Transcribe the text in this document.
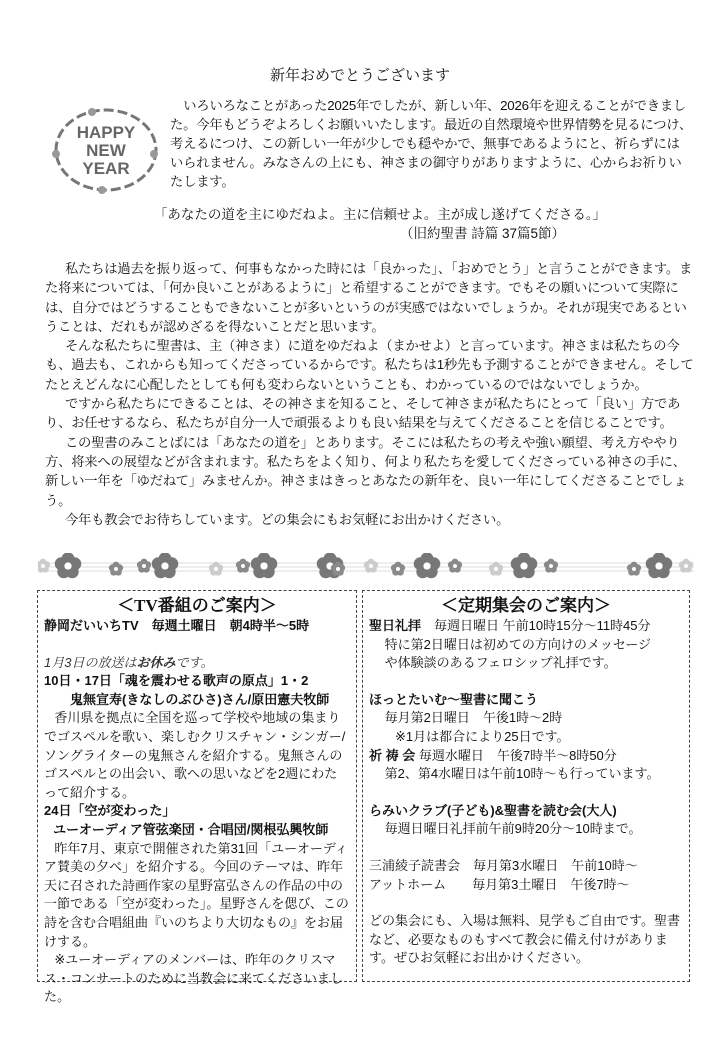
新年おめでとうございます
HAPPY
NEW
YEAR
いろいろなことがあった2025年でしたが、新しい年、2026年を迎えることができました。今年もどうぞよろしくお願いいたします。最近の自然環境や世界情勢を見るにつけ、考えるにつけ、この新しい一年が少しでも穏やかで、無事であるようにと、祈らずにはいられません。みなさんの上にも、神さまの御守りがありますように、心からお祈りいたします。
「あなたの道を主にゆだねよ。主に信頼せよ。主が成し遂げてくださる。」
（旧約聖書 詩篇 37篇5節）

私たちは過去を振り返って、何事もなかった時には「良かった」、「おめでとう」と言うことができます。また将来については、「何か良いことがあるように」と希望することができます。でもその願いについて実際には、自分ではどうすることもできないことが多いというのが実感ではないでしょうか。それが現実であるということは、だれもが認めざるを得ないことだと思います。

そんな私たちに聖書は、主（神さま）に道をゆだねよ（まかせよ）と言っています。神さまは私たちの今も、過去も、これからも知ってくださっているからです。私たちは1秒先も予測することができません。そしてたとえどんなに心配したとしても何も変わらないということも、わかっているのではないでしょうか。

ですから私たちにできることは、その神さまを知ること、そして神さまが私たちにとって「良い」方であり、お任せするなら、私たちが自分一人で頑張るよりも良い結果を与えてくださることを信じることです。

この聖書のみことばには「あなたの道を」とあります。そこには私たちの考えや強い願望、考え方ややり方、将来への展望などが含まれます。私たちをよく知り、何より私たちを愛してくださっている神さの手に、新しい一年を「ゆだねて」みませんか。神さまはきっとあなたの新年を、良い一年にしてくださることでしょう。

今年も教会でお待ちしています。どの集会にもお気軽にお出かけください。

＜TV番組のご案内＞
静岡だいいちTV　毎週土曜日　朝4時半～5時
1月3日の放送はお休みです。
10日・17日「魂を震わせる歌声の原点」1・2
鬼無宣寿(きなしのぶひさ)さん/原田憲夫牧師
香川県を拠点に全国を巡って学校や地域の集まりでゴスペルを歌い、楽しむクリスチャン・シンガー/ソングライターの鬼無さんを紹介する。鬼無さんのゴスペルとの出会い、歌への思いなどを2週にわたって紹介する。
24日「空が変わった」
ユーオーディア管弦楽団・合唱団/関根弘興牧師
昨年7月、東京で開催された第31回「ユーオーディア賛美の夕べ」を紹介する。今回のテーマは、昨年天に召された詩画作家の星野富弘さんの作品の中の一節である「空が変わった」。星野さんを偲び、この詩を含む合唱組曲『いのちより大切なもの』をお届けする。
※ユーオーディアのメンバーは、昨年のクリスマス・コンサートのために当教会に来てくださいました。
＜定期集会のご案内＞
聖日礼拝　 毎週日曜日 午前10時15分～11時45分
特に第2日曜日は初めての方向けのメッセージ
や体験談のあるフェロシップ礼拝です。
ほっとたいむ～聖書に聞こう
毎月第2日曜日　午後1時～2時
※1月は都合により25日です。
祈 祷 会 毎週水曜日　午後7時半～8時50分
第2、第4水曜日は午前10時～も行っています。
らみいクラブ(子ども)&聖書を読む会(大人)
毎週日曜日礼拝前午前9時20分～10時まで。
三浦綾子読書会　毎月第3水曜日　午前10時～
アットホーム　　毎月第3土曜日　午後7時～
どの集会にも、入場は無料、見学もご自由です。聖書など、必要なものもすべて教会に備え付けがあります。ぜひお気軽にお出かけください。
